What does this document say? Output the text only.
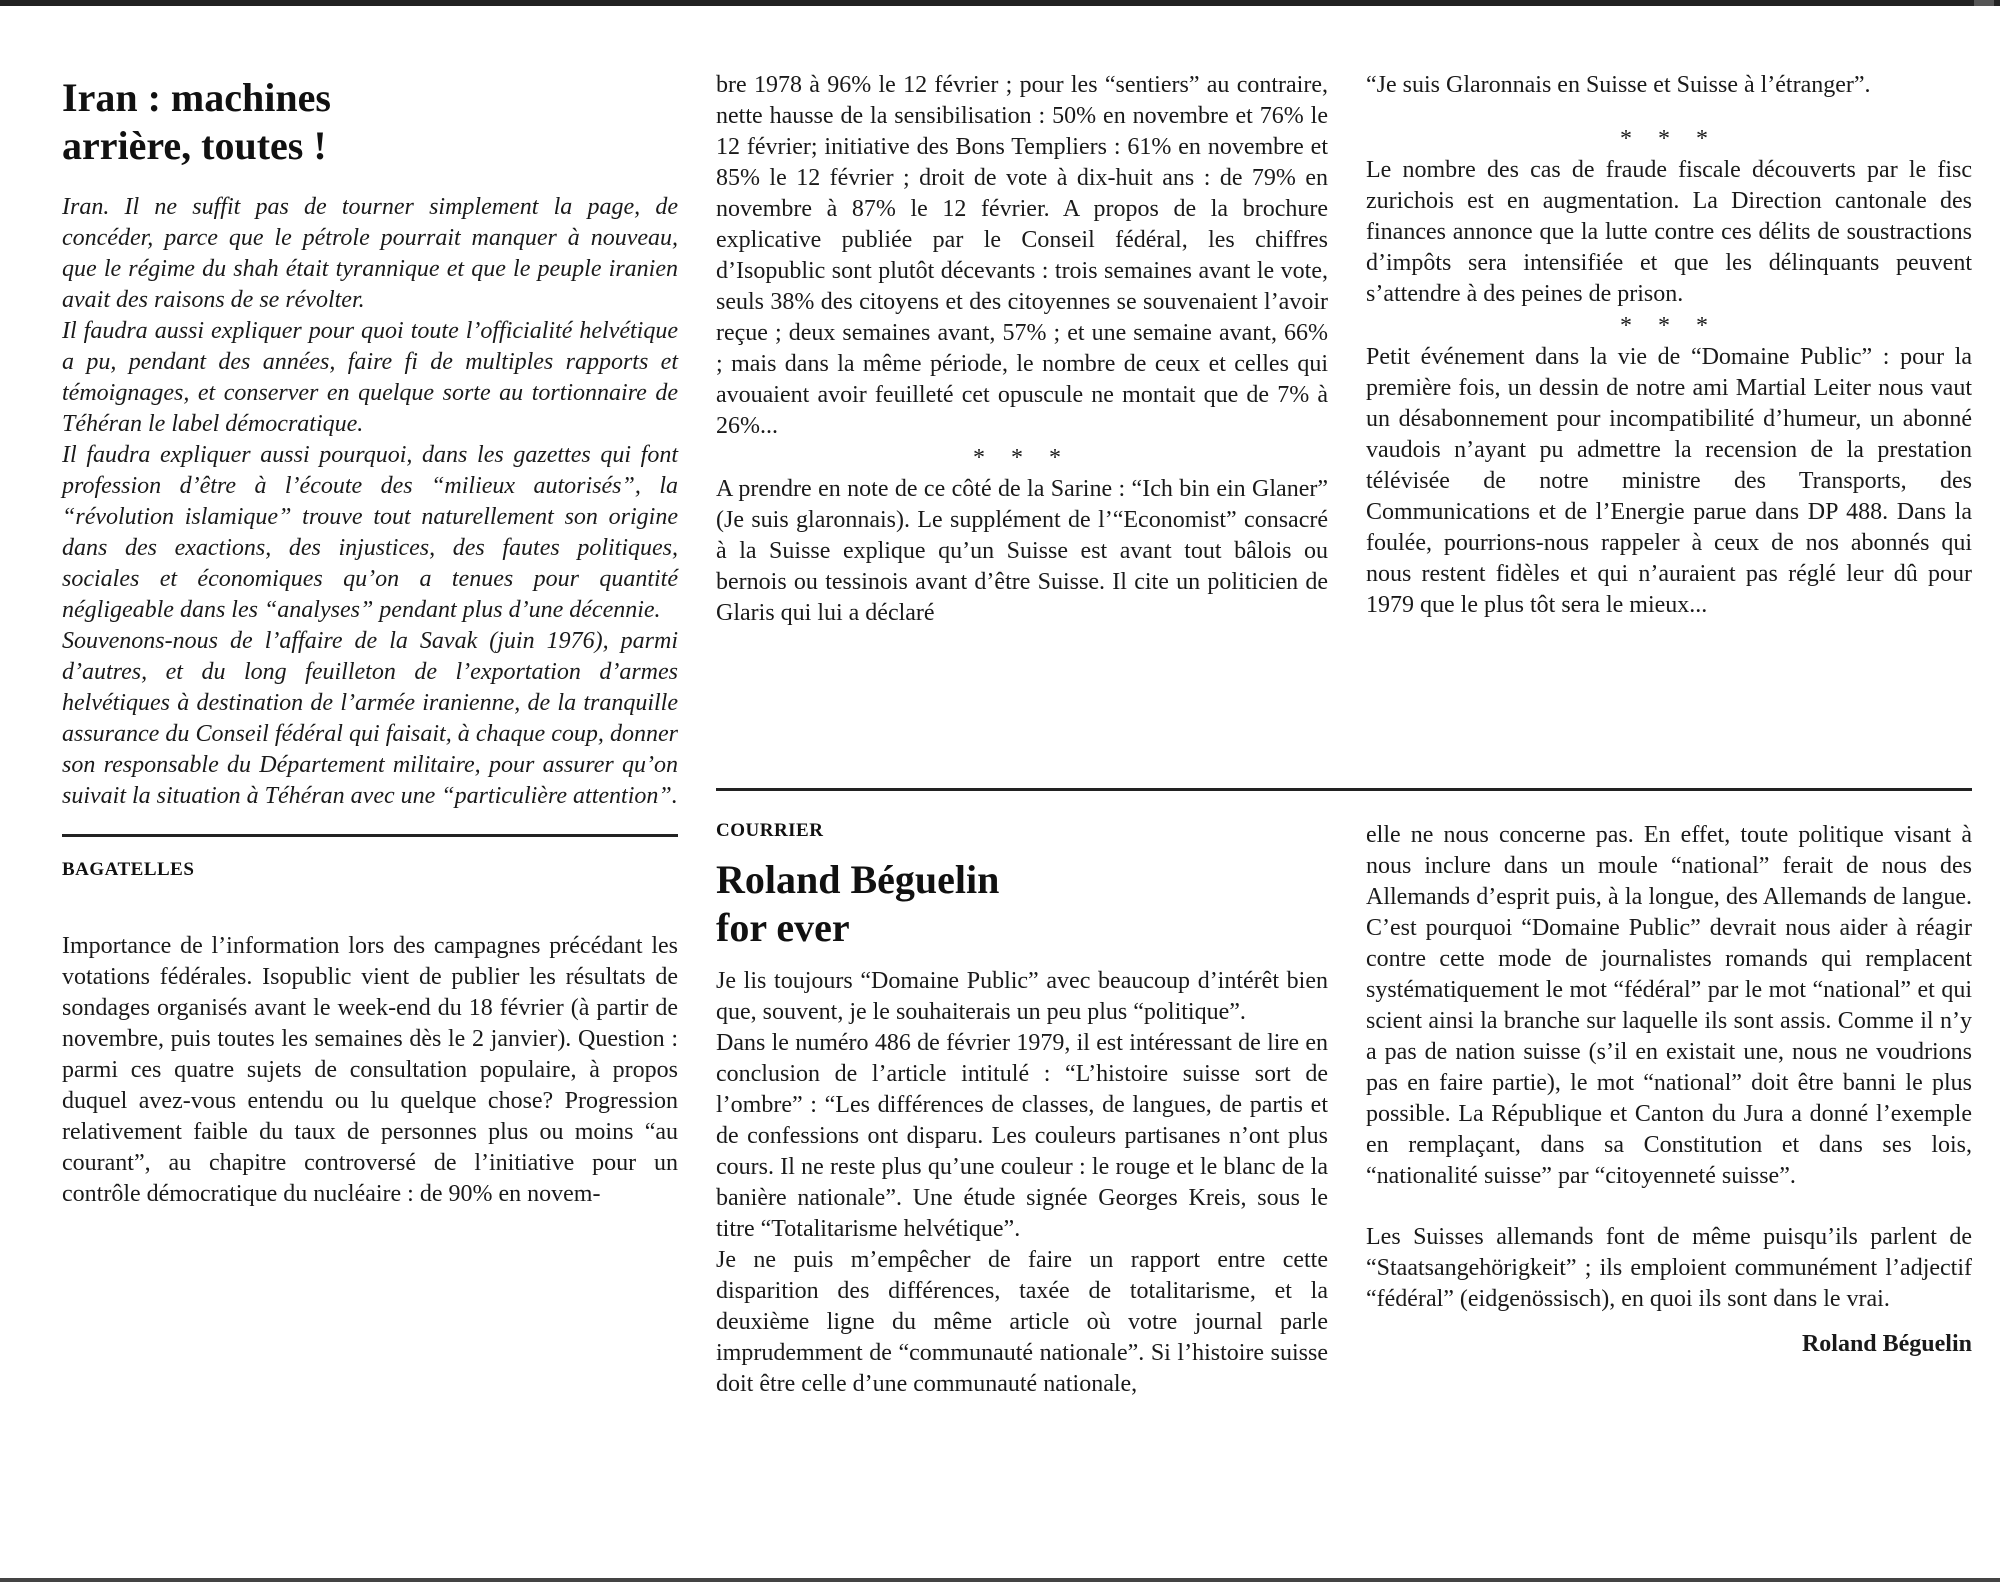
Iran : machines
arrière, toutes !

Iran. Il ne suffit pas de tourner simplement la page, de concéder, parce que le pétrole pourrait manquer à nouveau, que le régime du shah était tyrannique et que le peuple iranien avait des raisons de se révolter.

Il faudra aussi expliquer pour quoi toute l’officialité helvétique a pu, pendant des années, faire fi de multiples rapports et témoignages, et conserver en quelque sorte au tortionnaire de Téhéran le label démocratique.

Il faudra expliquer aussi pourquoi, dans les gazettes qui font profession d’être à l’écoute des “milieux autorisés”, la “révolution islamique” trouve tout naturellement son origine dans des exactions, des injustices, des fautes politiques, sociales et économiques qu’on a tenues pour quantité négligeable dans les “analyses” pendant plus d’une décennie.

Souvenons-nous de l’affaire de la Savak (juin 1976), parmi d’autres, et du long feuilleton de l’exportation d’armes helvétiques à destination de l’armée iranienne, de la tranquille assurance du Conseil fédéral qui faisait, à chaque coup, donner son responsable du Département militaire, pour assurer qu’on suivait la situation à Téhéran avec une “particulière attention”.

BAGATELLES

Importance de l’information lors des campagnes précédant les votations fédérales. Isopublic vient de publier les résultats de sondages organisés avant le week-end du 18 février (à partir de novembre, puis toutes les semaines dès le 2 janvier). Question : parmi ces quatre sujets de consultation populaire, à propos duquel avez-vous entendu ou lu quelque chose? Progression relativement faible du taux de personnes plus ou moins “au courant”, au chapitre controversé de l’initiative pour un contrôle démocratique du nucléaire : de 90% en novem-

bre 1978 à 96% le 12 février ; pour les “sentiers” au contraire, nette hausse de la sensibilisation : 50% en novembre et 76% le 12 février; initiative des Bons Templiers : 61% en novembre et 85% le 12 février ; droit de vote à dix-huit ans : de 79% en novembre à 87% le 12 février. A propos de la brochure explicative publiée par le Conseil fédéral, les chiffres d’Isopublic sont plutôt décevants : trois semaines avant le vote, seuls 38% des citoyens et des citoyennes se souvenaient l’avoir reçue ; deux semaines avant, 57% ; et une semaine avant, 66% ; mais dans la même période, le nombre de ceux et celles qui avouaient avoir feuilleté cet opuscule ne montait que de 7% à 26%...

* * *

A prendre en note de ce côté de la Sarine : “Ich bin ein Glaner” (Je suis glaronnais). Le supplément de l’“Economist” consacré à la Suisse explique qu’un Suisse est avant tout bâlois ou bernois ou tessinois avant d’être Suisse. Il cite un politicien de Glaris qui lui a déclaré

“Je suis Glaronnais en Suisse et Suisse à l’étranger”.

* * *

Le nombre des cas de fraude fiscale découverts par le fisc zurichois est en augmentation. La Direction cantonale des finances annonce que la lutte contre ces délits de soustractions d’impôts sera intensifiée et que les délinquants peuvent s’attendre à des peines de prison.

* * *

Petit événement dans la vie de “Domaine Public” : pour la première fois, un dessin de notre ami Martial Leiter nous vaut un désabonnement pour incompatibilité d’humeur, un abonné vaudois n’ayant pu admettre la recension de la prestation télévisée de notre ministre des Transports, des Communications et de l’Energie parue dans DP 488. Dans la foulée, pourrions-nous rappeler à ceux de nos abonnés qui nous restent fidèles et qui n’auraient pas réglé leur dû pour 1979 que le plus tôt sera le mieux...

COURRIER
Roland Béguelin
for ever

Je lis toujours “Domaine Public” avec beaucoup d’intérêt bien que, souvent, je le souhaiterais un peu plus “politique”.

Dans le numéro 486 de février 1979, il est intéressant de lire en conclusion de l’article intitulé : “L’histoire suisse sort de l’ombre” : “Les différences de classes, de langues, de partis et de confessions ont disparu. Les couleurs partisanes n’ont plus cours. Il ne reste plus qu’une couleur : le rouge et le blanc de la banière nationale”. Une étude signée Georges Kreis, sous le titre “Totalitarisme helvétique”.

Je ne puis m’empêcher de faire un rapport entre cette disparition des différences, taxée de totalitarisme, et la deuxième ligne du même article où votre journal parle imprudemment de “communauté nationale”. Si l’histoire suisse doit être celle d’une communauté nationale,

elle ne nous concerne pas. En effet, toute politique visant à nous inclure dans un moule “national” ferait de nous des Allemands d’esprit puis, à la longue, des Allemands de langue. C’est pourquoi “Domaine Public” devrait nous aider à réagir contre cette mode de journalistes romands qui remplacent systématiquement le mot “fédéral” par le mot “national” et qui scient ainsi la branche sur laquelle ils sont assis. Comme il n’y a pas de nation suisse (s’il en existait une, nous ne voudrions pas en faire partie), le mot “national” doit être banni le plus possible. La République et Canton du Jura a donné l’exemple en remplaçant, dans sa Constitution et dans ses lois, “nationalité suisse” par “citoyenneté suisse”.

Les Suisses allemands font de même puisqu’ils parlent de “Staatsangehörigkeit” ; ils emploient communément l’adjectif “fédéral” (eidgenössisch), en quoi ils sont dans le vrai.

Roland Béguelin
